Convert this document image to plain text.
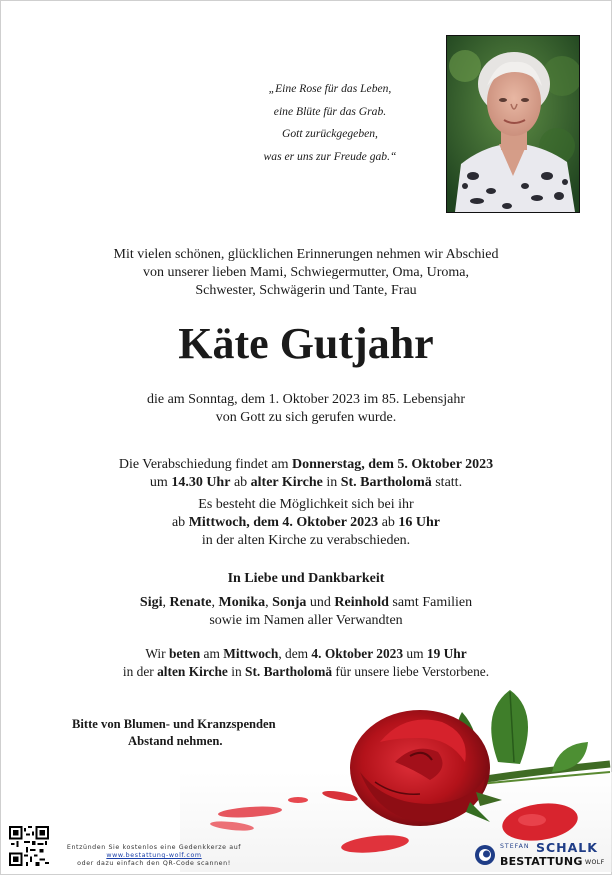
„Eine Rose für das Leben,
eine Blüte für das Grab.
Gott zurückgegeben,
was er uns zur Freude gab.“
Mit vielen schönen, glücklichen Erinnerungen nehmen wir Abschied
von unserer lieben Mami, Schwiegermutter, Oma, Uroma,
Schwester, Schwägerin und Tante, Frau
Käte Gutjahr
die am Sonntag, dem 1. Oktober 2023 im 85. Lebensjahr
von Gott zu sich gerufen wurde.
Die Verabschiedung findet am Donnerstag, dem 5. Oktober 2023
um 14.30 Uhr ab alter Kirche in St. Bartholomä statt.
Es besteht die Möglichkeit sich bei ihr
ab Mittwoch, dem 4. Oktober 2023 ab 16 Uhr
in der alten Kirche zu verabschieden.
In Liebe und Dankbarkeit
Sigi, Renate, Monika, Sonja und Reinhold samt Familien
sowie im Namen aller Verwandten
Wir beten am Mittwoch, dem 4. Oktober 2023 um 19 Uhr
in der alten Kirche in St. Bartholomä für unsere liebe Verstorbene.
Bitte von Blumen- und Kranzspenden
Abstand nehmen.
Entzünden Sie kostenlos eine Gedenkkerze auf
www.bestattung-wolf.com
oder dazu einfach den QR-Code scannen!
STEFAN SCHALK
BESTATTUNG WOLF
